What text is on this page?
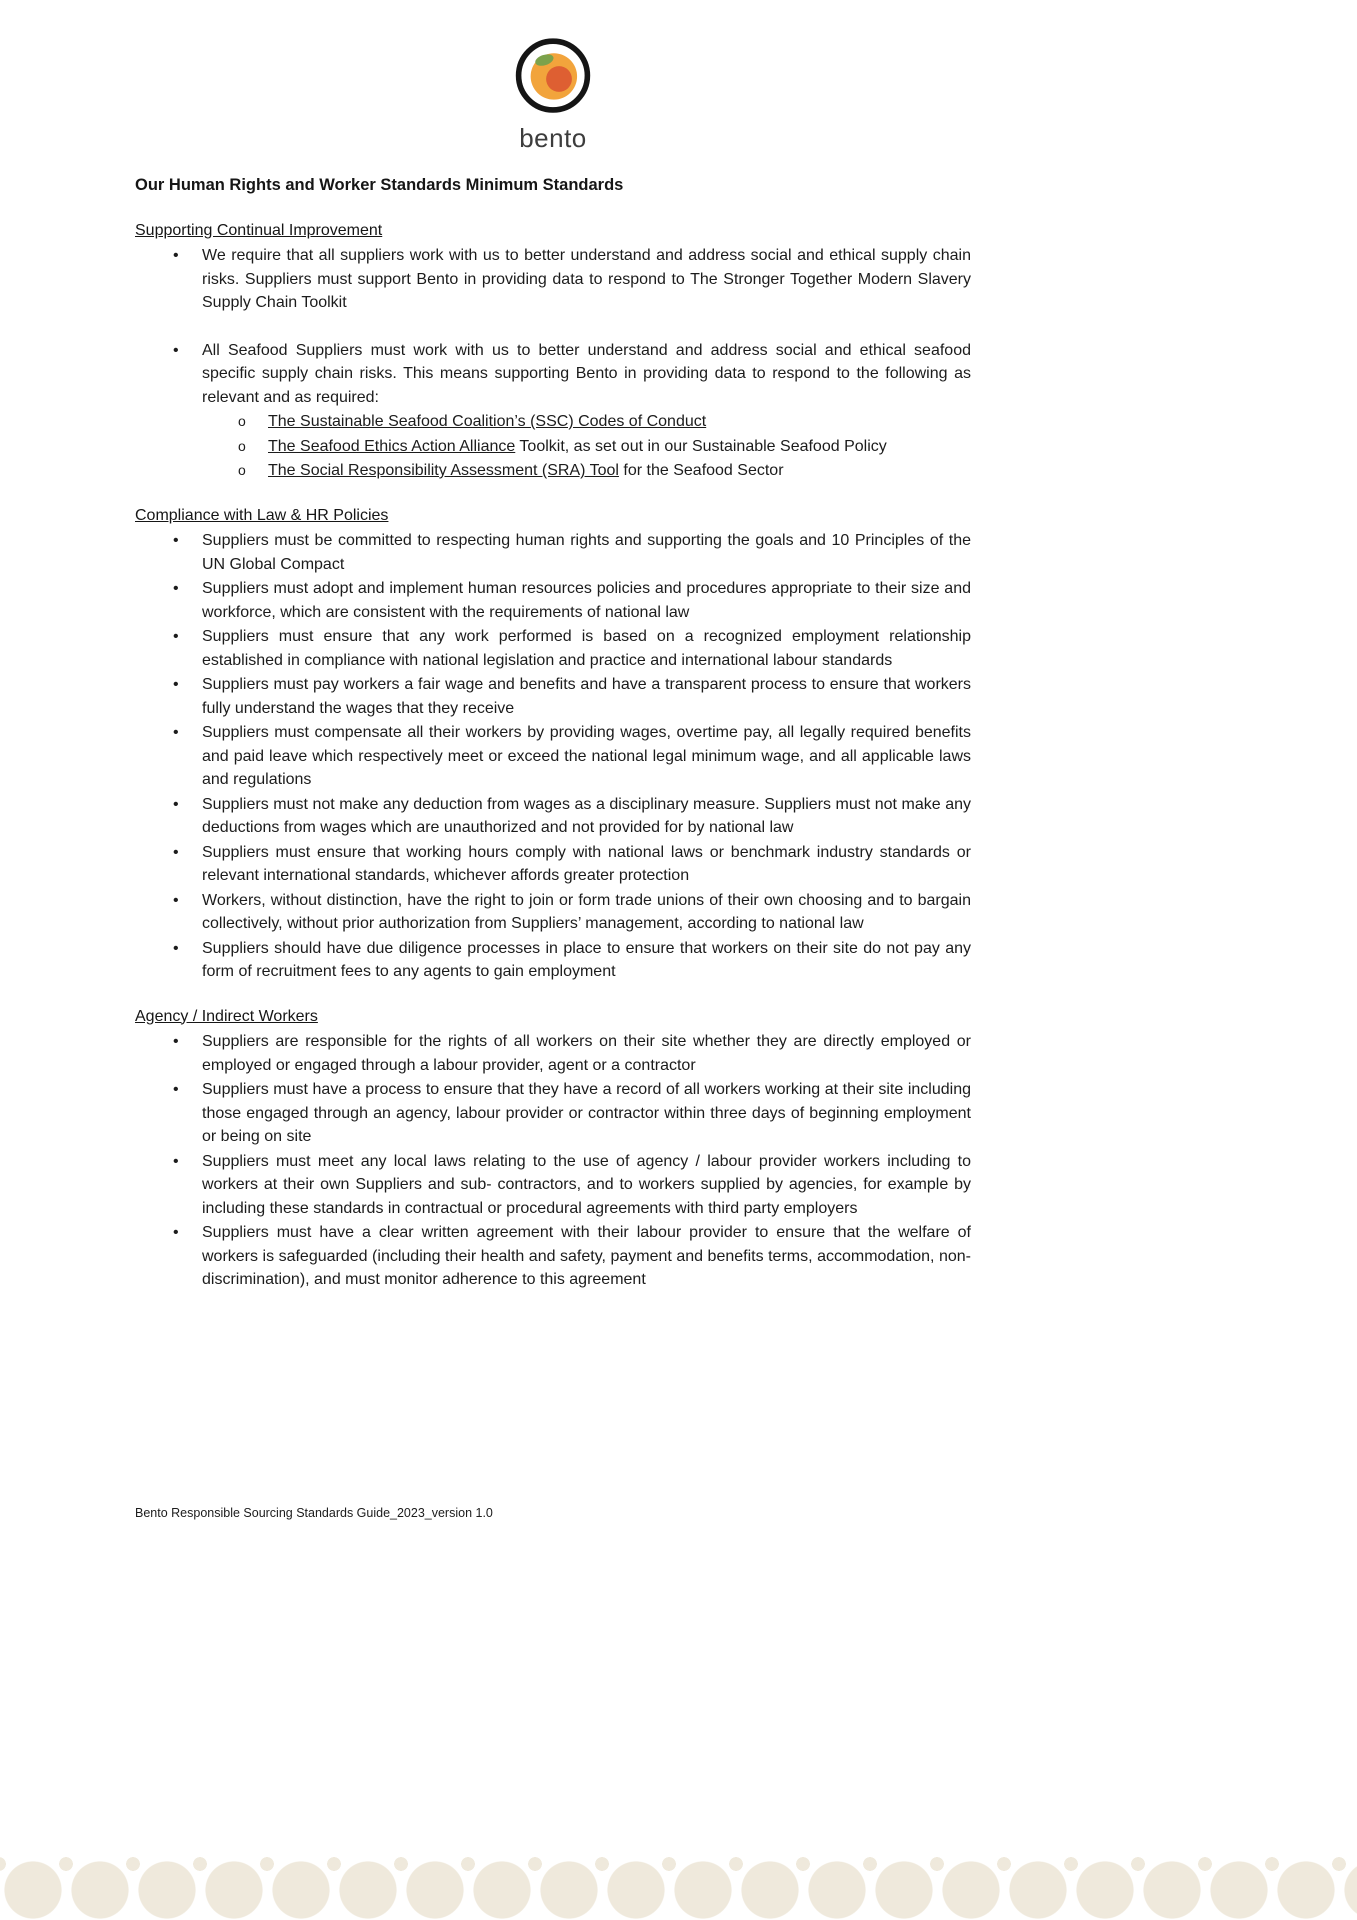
bento
Our Human Rights and Worker Standards Minimum Standards
Supporting Continual Improvement
• We require that all suppliers work with us to better understand and address social and ethical supply chain risks. Suppliers must support Bento in providing data to respond to The Stronger Together Modern Slavery Supply Chain Toolkit
• All Seafood Suppliers must work with us to better understand and address social and ethical seafood specific supply chain risks. This means supporting Bento in providing data to respond to the following as relevant and as required:
o The Sustainable Seafood Coalition’s (SSC) Codes of Conduct
o The Seafood Ethics Action Alliance Toolkit, as set out in our Sustainable Seafood Policy
o The Social Responsibility Assessment (SRA) Tool for the Seafood Sector
Compliance with Law & HR Policies
• Suppliers must be committed to respecting human rights and supporting the goals and 10 Principles of the UN Global Compact
• Suppliers must adopt and implement human resources policies and procedures appropriate to their size and workforce, which are consistent with the requirements of national law
• Suppliers must ensure that any work performed is based on a recognized employment relationship established in compliance with national legislation and practice and international labour standards
• Suppliers must pay workers a fair wage and benefits and have a transparent process to ensure that workers fully understand the wages that they receive
• Suppliers must compensate all their workers by providing wages, overtime pay, all legally required benefits and paid leave which respectively meet or exceed the national legal minimum wage, and all applicable laws and regulations
• Suppliers must not make any deduction from wages as a disciplinary measure. Suppliers must not make any deductions from wages which are unauthorized and not provided for by national law
• Suppliers must ensure that working hours comply with national laws or benchmark industry standards or relevant international standards, whichever affords greater protection
• Workers, without distinction, have the right to join or form trade unions of their own choosing and to bargain collectively, without prior authorization from Suppliers’ management, according to national law
• Suppliers should have due diligence processes in place to ensure that workers on their site do not pay any form of recruitment fees to any agents to gain employment
Agency / Indirect Workers
• Suppliers are responsible for the rights of all workers on their site whether they are directly employed or employed or engaged through a labour provider, agent or a contractor
• Suppliers must have a process to ensure that they have a record of all workers working at their site including those engaged through an agency, labour provider or contractor within three days of beginning employment or being on site
• Suppliers must meet any local laws relating to the use of agency / labour provider workers including to workers at their own Suppliers and sub- contractors, and to workers supplied by agencies, for example by including these standards in contractual or procedural agreements with third party employers
• Suppliers must have a clear written agreement with their labour provider to ensure that the welfare of workers is safeguarded (including their health and safety, payment and benefits terms, accommodation, non- discrimination), and must monitor adherence to this agreement
Bento Responsible Sourcing Standards Guide_2023_version 1.0
